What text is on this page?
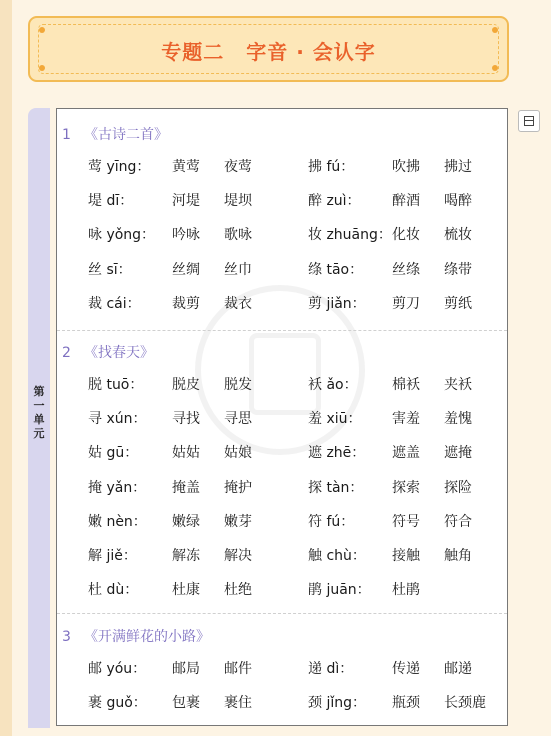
专题二 字音 · 会认字
第
一
单
元
1 《古诗二首》
莺 yīng： 黄莺 夜莺	拂 fú：	吹拂 拂过
堤 dī：	河堤 堤坝	醉 zuì： 醉酒 喝醉
咏 yǒng： 吟咏 歌咏	妆 zhuāng： 化妆 梳妆
丝 sī：	丝绸 丝巾	绦 tāo： 丝绦 绦带
裁 cái： 裁剪 裁衣	剪 jiǎn： 剪刀 剪纸
2 《找春天》
脱 tuō： 脱皮 脱发	袄 ǎo： 棉袄 夹袄
寻 xún： 寻找 寻思	羞 xiū： 害羞 羞愧
姑 gū： 姑姑 姑娘	遮 zhē： 遮盖 遮掩
掩 yǎn： 掩盖 掩护	探 tàn： 探索 探险
嫩 nèn： 嫩绿 嫩芽	符 fú：	符号 符合
解 jiě：	解冻 解决	触 chù： 接触 触角
杜 dù： 杜康 杜绝	鹃 juān： 杜鹃
3 《开满鲜花的小路》
邮 yóu： 邮局 邮件	递 dì：	传递 邮递
裹 guǒ： 包裹 裹住	颈 jǐng： 瓶颈 长颈鹿
